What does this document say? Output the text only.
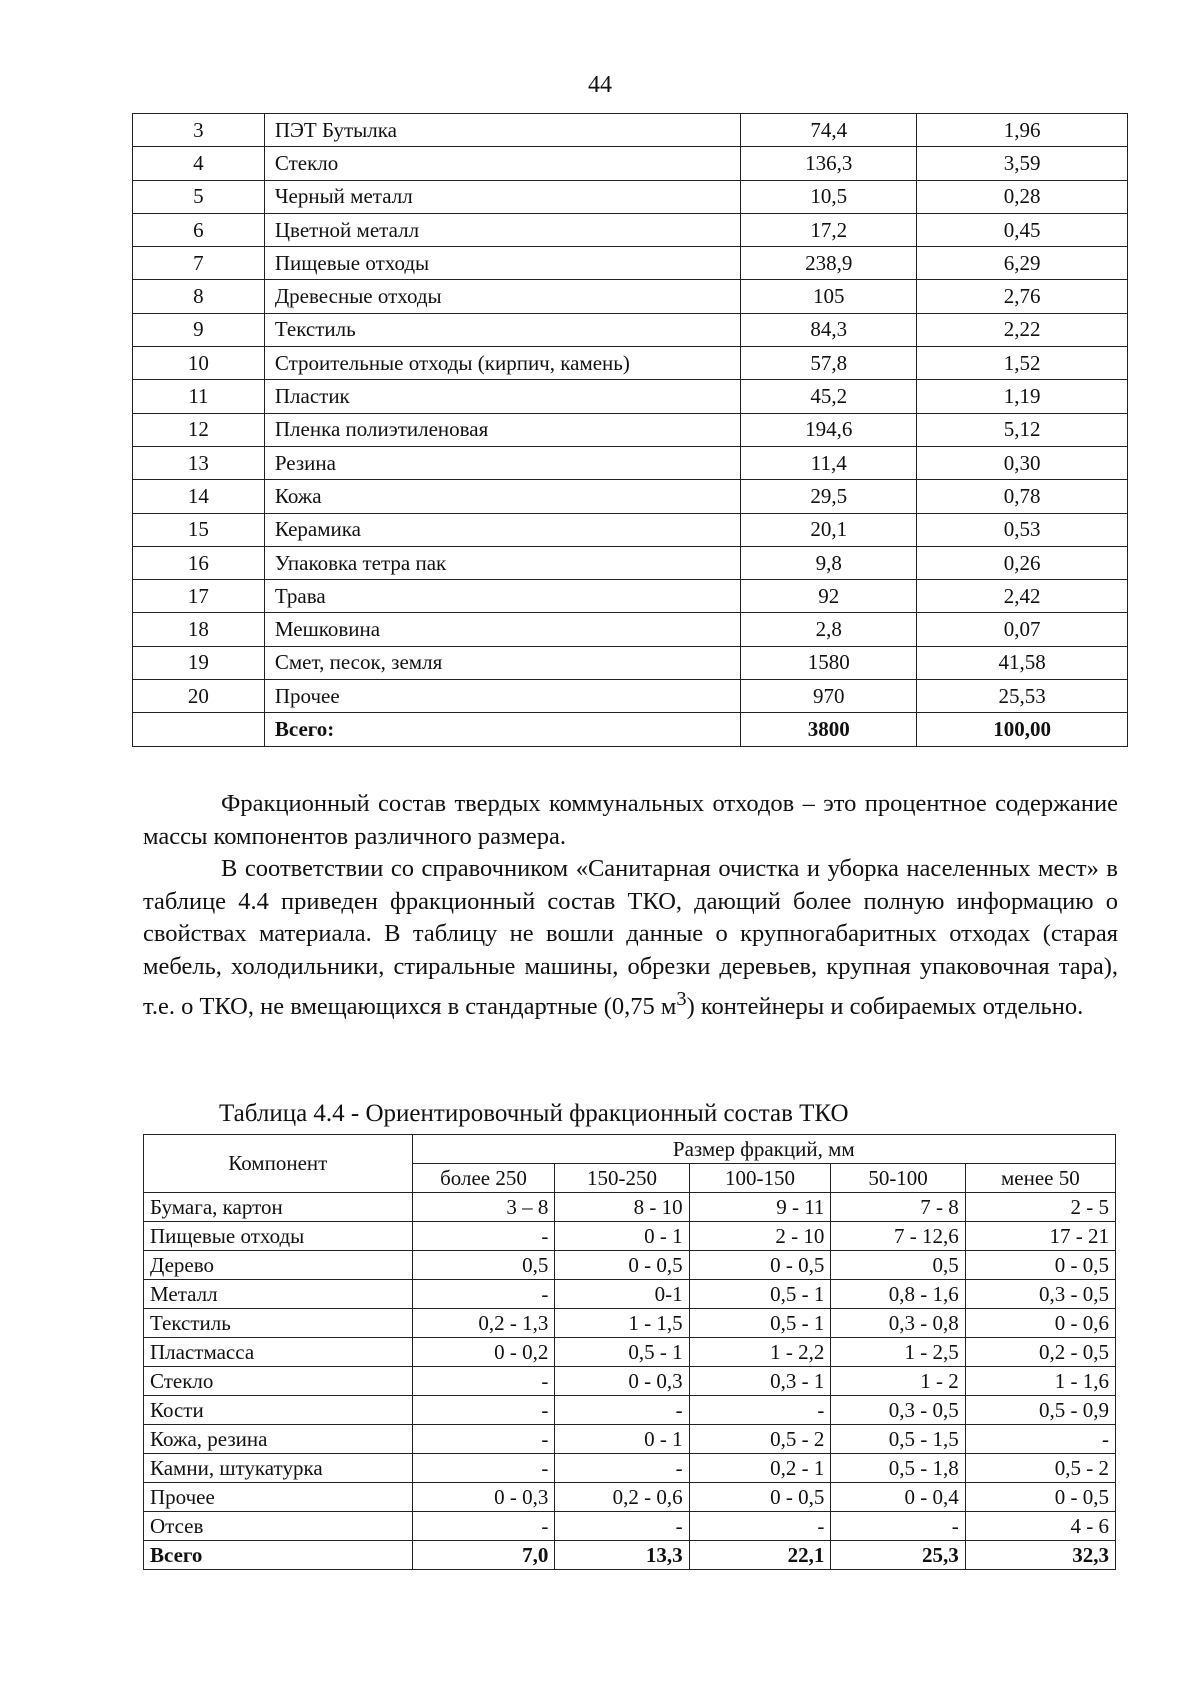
44
3	ПЭТ Бутылка	74,4	1,96
4	Стекло	136,3	3,59
5	Черный металл	10,5	0,28
6	Цветной металл	17,2	0,45
7	Пищевые отходы	238,9	6,29
8	Древесные отходы	105	2,76
9	Текстиль	84,3	2,22
10	Строительные отходы (кирпич, камень)	57,8	1,52
11	Пластик	45,2	1,19
12	Пленка полиэтиленовая	194,6	5,12
13	Резина	11,4	0,30
14	Кожа	29,5	0,78
15	Керамика	20,1	0,53
16	Упаковка тетра пак	9,8	0,26
17	Трава	92	2,42
18	Мешковина	2,8	0,07
19	Смет, песок, земля	1580	41,58
20	Прочее	970	25,53
	Всего:	3800	100,00

Фракционный состав твердых коммунальных отходов – это процентное содержание массы компонентов различного размера.

В соответствии со справочником «Санитарная очистка и уборка населенных мест» в таблице 4.4 приведен фракционный состав ТКО, дающий более полную информацию о свойствах материала. В таблицу не вошли данные о крупногабаритных отходах (старая мебель, холодильники, стиральные машины, обрезки деревьев, крупная упаковочная тара), т.е. о ТКО, не вмещающихся в стандартные (0,75 $м^3$) контейнеры и собираемых отдельно.

Таблица 4.4 - Ориентировочный фракционный состав ТКО
Компонент	Размер фракций, мм				
	более 250	150-250	100-150	50-100	менее 50
Бумага, картон	3 – 8	8 - 10	9 - 11	7 - 8	2 - 5
Пищевые отходы	-	0 - 1	2 - 10	7 - 12,6	17 - 21
Дерево	0,5	0 - 0,5	0 - 0,5	0,5	0 - 0,5
Металл	-	0-1	0,5 - 1	0,8 - 1,6	0,3 - 0,5
Текстиль	0,2 - 1,3	1 - 1,5	0,5 - 1	0,3 - 0,8	0 - 0,6
Пластмасса	0 - 0,2	0,5 - 1	1 - 2,2	1 - 2,5	0,2 - 0,5
Стекло	-	0 - 0,3	0,3 - 1	1 - 2	1 - 1,6
Кости	-	-	-	0,3 - 0,5	0,5 - 0,9
Кожа, резина	-	0 - 1	0,5 - 2	0,5 - 1,5	-
Камни, штукатурка	-	-	0,2 - 1	0,5 - 1,8	0,5 - 2
Прочее	0 - 0,3	0,2 - 0,6	0 - 0,5	0 - 0,4	0 - 0,5
Отсев	-	-	-	-	4 - 6
Всего	7,0	13,3	22,1	25,3	32,3
